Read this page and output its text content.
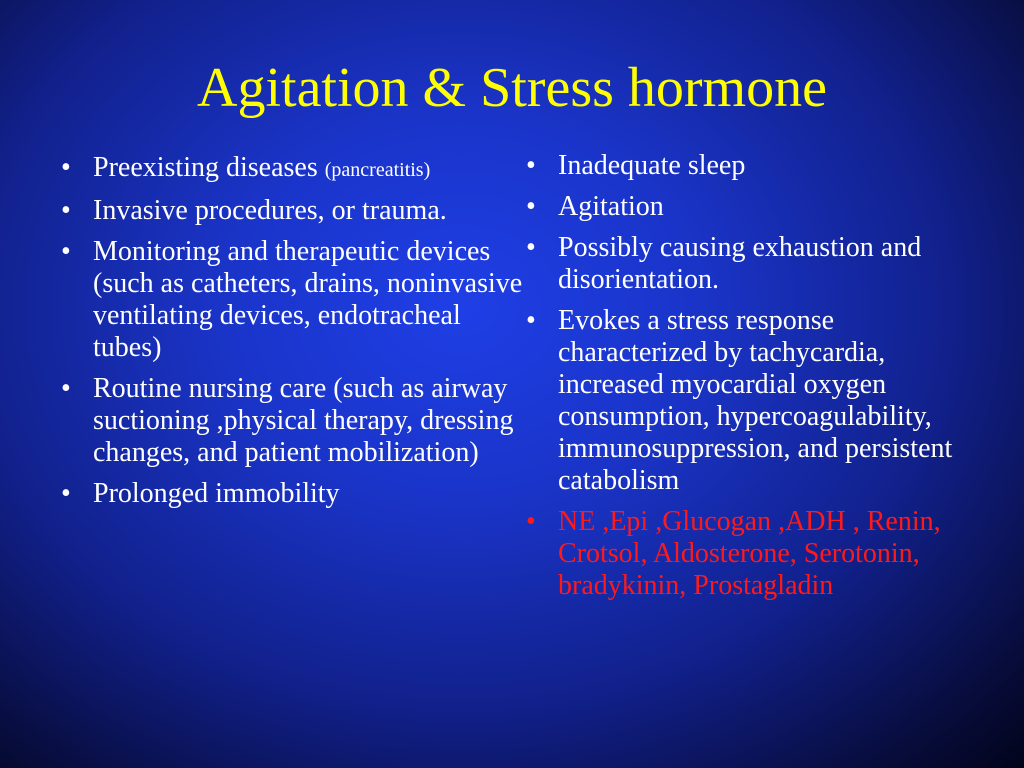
Agitation & Stress hormone
• Preexisting diseases (pancreatitis)
• Invasive procedures, or trauma.
• Monitoring and therapeutic devices (such as catheters, drains, noninvasive ventilating devices, endotracheal tubes)
• Routine nursing care (such as airway suctioning ,physical therapy, dressing changes, and patient mobilization)
• Prolonged immobility
• Inadequate sleep
• Agitation
• Possibly causing exhaustion and disorientation.
• Evokes a stress response characterized by tachycardia, increased myocardial oxygen consumption, hypercoagulability, immunosuppression, and persistent catabolism
• NE ,Epi ,Glucogan ,ADH , Renin, Crotsol, Aldosterone, Serotonin, bradykinin, Prostagladin
